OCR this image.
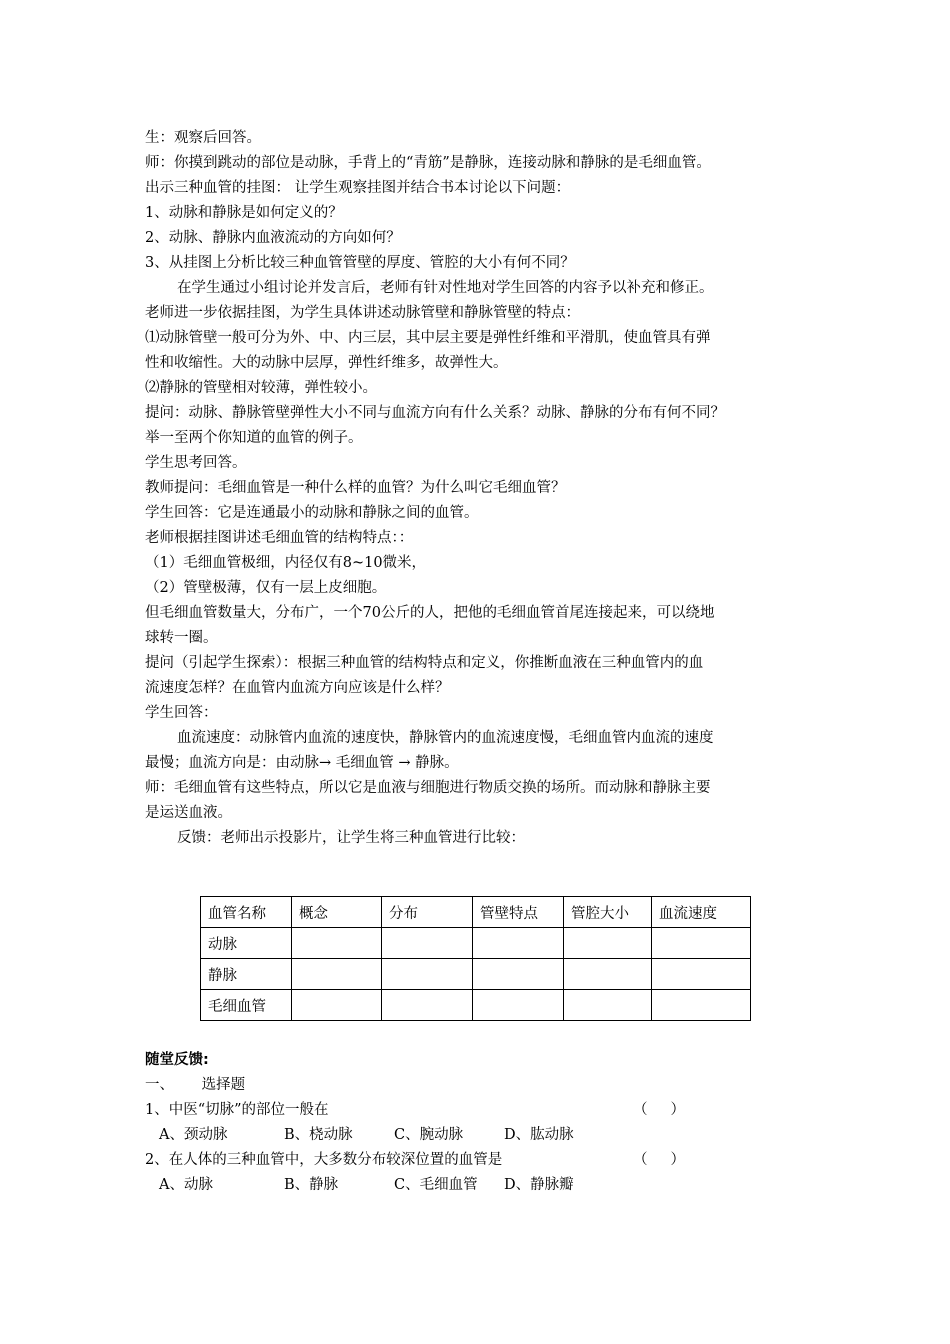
生：观察后回答。
师：你摸到跳动的部位是动脉，手背上的“青筋”是静脉，连接动脉和静脉的是毛细血管。
出示三种血管的挂图： 让学生观察挂图并结合书本讨论以下问题：
1、动脉和静脉是如何定义的？
2、动脉、静脉内血液流动的方向如何？
3、从挂图上分析比较三种血管管壁的厚度、管腔的大小有何不同？
在学生通过小组讨论并发言后，老师有针对性地对学生回答的内容予以补充和修正。
老师进一步依据挂图，为学生具体讲述动脉管壁和静脉管壁的特点：
⑴动脉管壁一般可分为外、中、内三层，其中层主要是弹性纤维和平滑肌，使血管具有弹
性和收缩性。大的动脉中层厚，弹性纤维多，故弹性大。
⑵静脉的管壁相对较薄，弹性较小。
提问：动脉、静脉管壁弹性大小不同与血流方向有什么关系？动脉、静脉的分布有何不同？
举一至两个你知道的血管的例子。
学生思考回答。
教师提问：毛细血管是一种什么样的血管？为什么叫它毛细血管？
学生回答：它是连通最小的动脉和静脉之间的血管。
老师根据挂图讲述毛细血管的结构特点：：
（1）毛细血管极细，内径仅有8~10微米，
（2）管壁极薄，仅有一层上皮细胞。
但毛细血管数量大，分布广，一个70公斤的人，把他的毛细血管首尾连接起来，可以绕地
球转一圈。
提问（引起学生探索）：根据三种血管的结构特点和定义，你推断血液在三种血管内的血
流速度怎样？在血管内血流方向应该是什么样？
学生回答：
血流速度：动脉管内血流的速度快，静脉管内的血流速度慢，毛细血管内血流的速度
最慢；血流方向是：由动脉→ 毛细血管 → 静脉。
师：毛细血管有这些特点，所以它是血液与细胞进行物质交换的场所。而动脉和静脉主要
是运送血液。
反馈：老师出示投影片，让学生将三种血管进行比较：
血管名称	概念	分布	管壁特点	管腔大小	血流速度
动脉					
静脉					
毛细血管					
随堂反馈:
一、      选择题
1、中医“切脉”的部位一般在	（     ）
A、颈动脉	B、桡动脉	C、腕动脉	D、肱动脉
2、在人体的三种血管中，大多数分布较深位置的血管是	（     ）
A、动脉	B、静脉	C、毛细血管 D、静脉瓣
